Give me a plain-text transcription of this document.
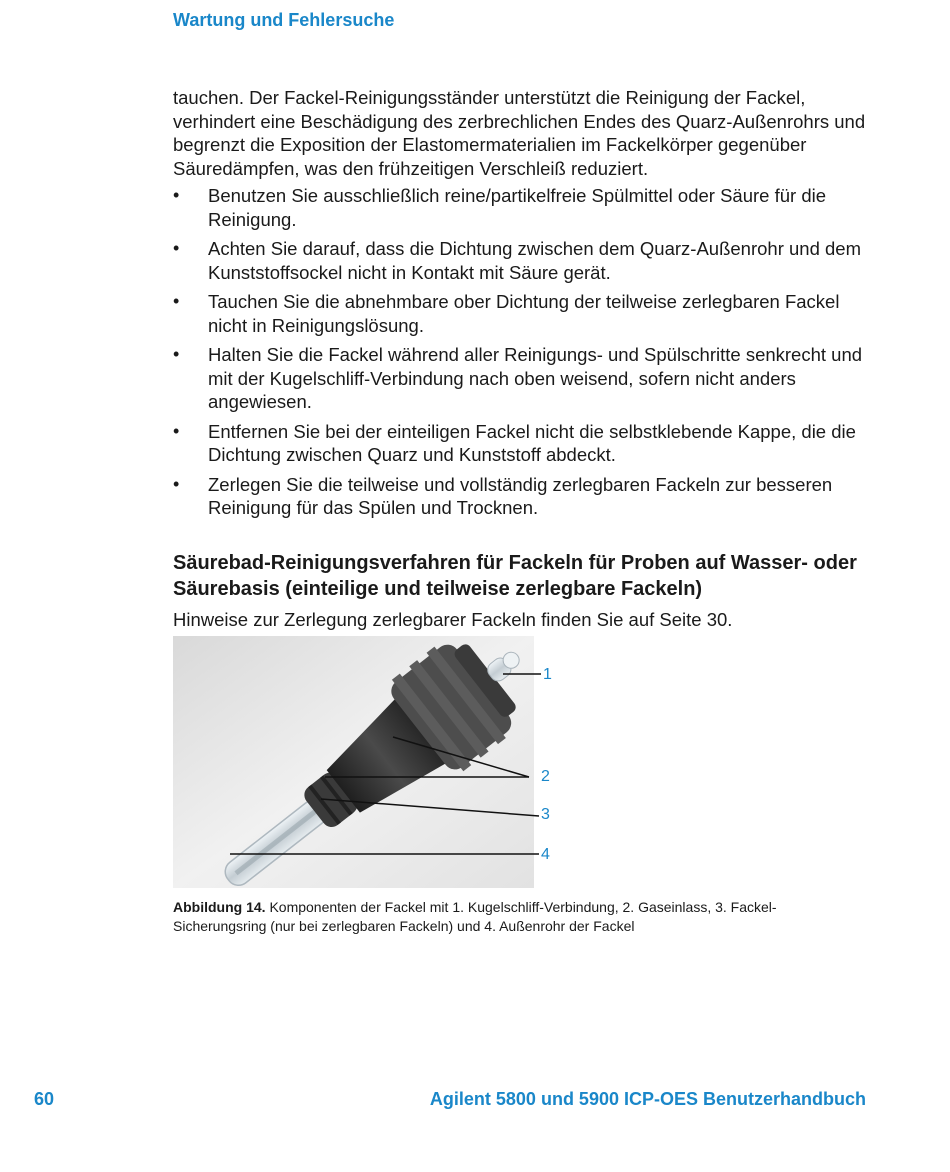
Wartung und Fehlersuche

tauchen. Der Fackel-Reinigungsständer unterstützt die Reinigung der Fackel, verhindert eine Beschädigung des zerbrechlichen Endes des Quarz-Außenrohrs und begrenzt die Exposition der Elastomermaterialien im Fackelkörper gegenüber Säuredämpfen, was den frühzeitigen Verschleiß reduziert.

• Benutzen Sie ausschließlich reine/partikelfreie Spülmittel oder Säure für die Reinigung.
• Achten Sie darauf, dass die Dichtung zwischen dem Quarz-Außenrohr und dem Kunststoffsockel nicht in Kontakt mit Säure gerät.
• Tauchen Sie die abnehmbare ober Dichtung der teilweise zerlegbaren Fackel nicht in Reinigungslösung.
• Halten Sie die Fackel während aller Reinigungs- und Spülschritte senkrecht und mit der Kugelschliff-Verbindung nach oben weisend, sofern nicht anders angewiesen.
• Entfernen Sie bei der einteiligen Fackel nicht die selbstklebende Kappe, die die Dichtung zwischen Quarz und Kunststoff abdeckt.
• Zerlegen Sie die teilweise und vollständig zerlegbaren Fackeln zur besseren Reinigung für das Spülen und Trocknen.
Säurebad-Reinigungsverfahren für Fackeln für Proben auf Wasser- oder Säurebasis (einteilige und teilweise zerlegbare Fackeln)

Hinweise zur Zerlegung zerlegbarer Fackeln finden Sie auf Seite 30.

1
2
3
4
Abbildung 14. Komponenten der Fackel mit 1. Kugelschliff-Verbindung, 2. Gaseinlass, 3. Fackel-Sicherungsring (nur bei zerlegbaren Fackeln) und 4. Außenrohr der Fackel
60	Agilent 5800 und 5900 ICP-OES Benutzerhandbuch
